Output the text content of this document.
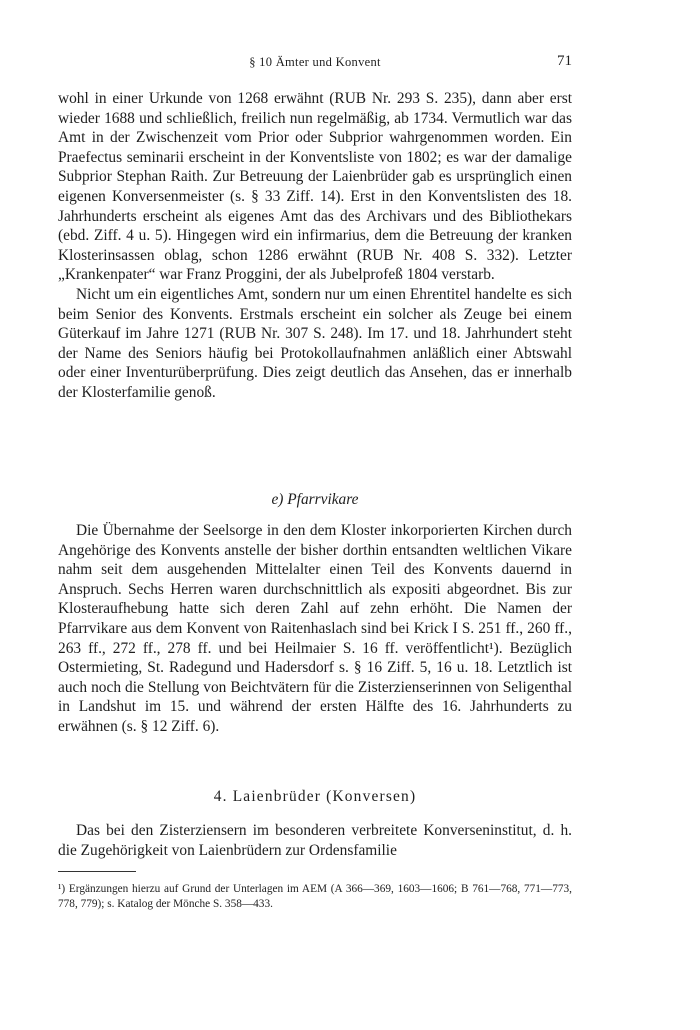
§ 10 Ämter und Konvent	71

wohl in einer Urkunde von 1268 erwähnt (RUB Nr. 293 S. 235), dann aber erst wieder 1688 und schließlich, freilich nun regelmäßig, ab 1734. Vermutlich war das Amt in der Zwischenzeit vom Prior oder Subprior wahrgenommen worden. Ein Praefectus seminarii erscheint in der Konventsliste von 1802; es war der damalige Subprior Stephan Raith. Zur Betreuung der Laienbrüder gab es ursprünglich einen eigenen Konversenmeister (s. § 33 Ziff. 14). Erst in den Konventslisten des 18. Jahrhunderts erscheint als eigenes Amt das des Archivars und des Bibliothekars (ebd. Ziff. 4 u. 5). Hingegen wird ein infirmarius, dem die Betreuung der kranken Klosterinsassen oblag, schon 1286 erwähnt (RUB Nr. 408 S. 332). Letzter „Krankenpater“ war Franz Proggini, der als Jubelprofeß 1804 verstarb.

Nicht um ein eigentliches Amt, sondern nur um einen Ehrentitel handelte es sich beim Senior des Konvents. Erstmals erscheint ein solcher als Zeuge bei einem Güterkauf im Jahre 1271 (RUB Nr. 307 S. 248). Im 17. und 18. Jahrhundert steht der Name des Seniors häufig bei Protokollaufnahmen anläßlich einer Abtswahl oder einer Inventurüberprüfung. Dies zeigt deutlich das Ansehen, das er innerhalb der Klosterfamilie genoß.

e) Pfarrvikare

Die Übernahme der Seelsorge in den dem Kloster inkorporierten Kirchen durch Angehörige des Konvents anstelle der bisher dorthin entsandten weltlichen Vikare nahm seit dem ausgehenden Mittelalter einen Teil des Konvents dauernd in Anspruch. Sechs Herren waren durchschnittlich als expositi abgeordnet. Bis zur Klosteraufhebung hatte sich deren Zahl auf zehn erhöht. Die Namen der Pfarrvikare aus dem Konvent von Raitenhaslach sind bei Krick I S. 251 ff., 260 ff., 263 ff., 272 ff., 278 ff. und bei Heilmaier S. 16 ff. veröffentlicht¹). Bezüglich Ostermieting, St. Radegund und Hadersdorf s. § 16 Ziff. 5, 16 u. 18. Letztlich ist auch noch die Stellung von Beichtvätern für die Zisterzienserinnen von Seligenthal in Landshut im 15. und während der ersten Hälfte des 16. Jahrhunderts zu erwähnen (s. § 12 Ziff. 6).

4. Laienbrüder (Konversen)

Das bei den Zisterziensern im besonderen verbreitete Konverseninstitut, d. h. die Zugehörigkeit von Laienbrüdern zur Ordensfamilie

¹) Ergänzungen hierzu auf Grund der Unterlagen im AEM (A 366—369, 1603—1606; B 761—768, 771—773, 778, 779); s. Katalog der Mönche S. 358—433.
